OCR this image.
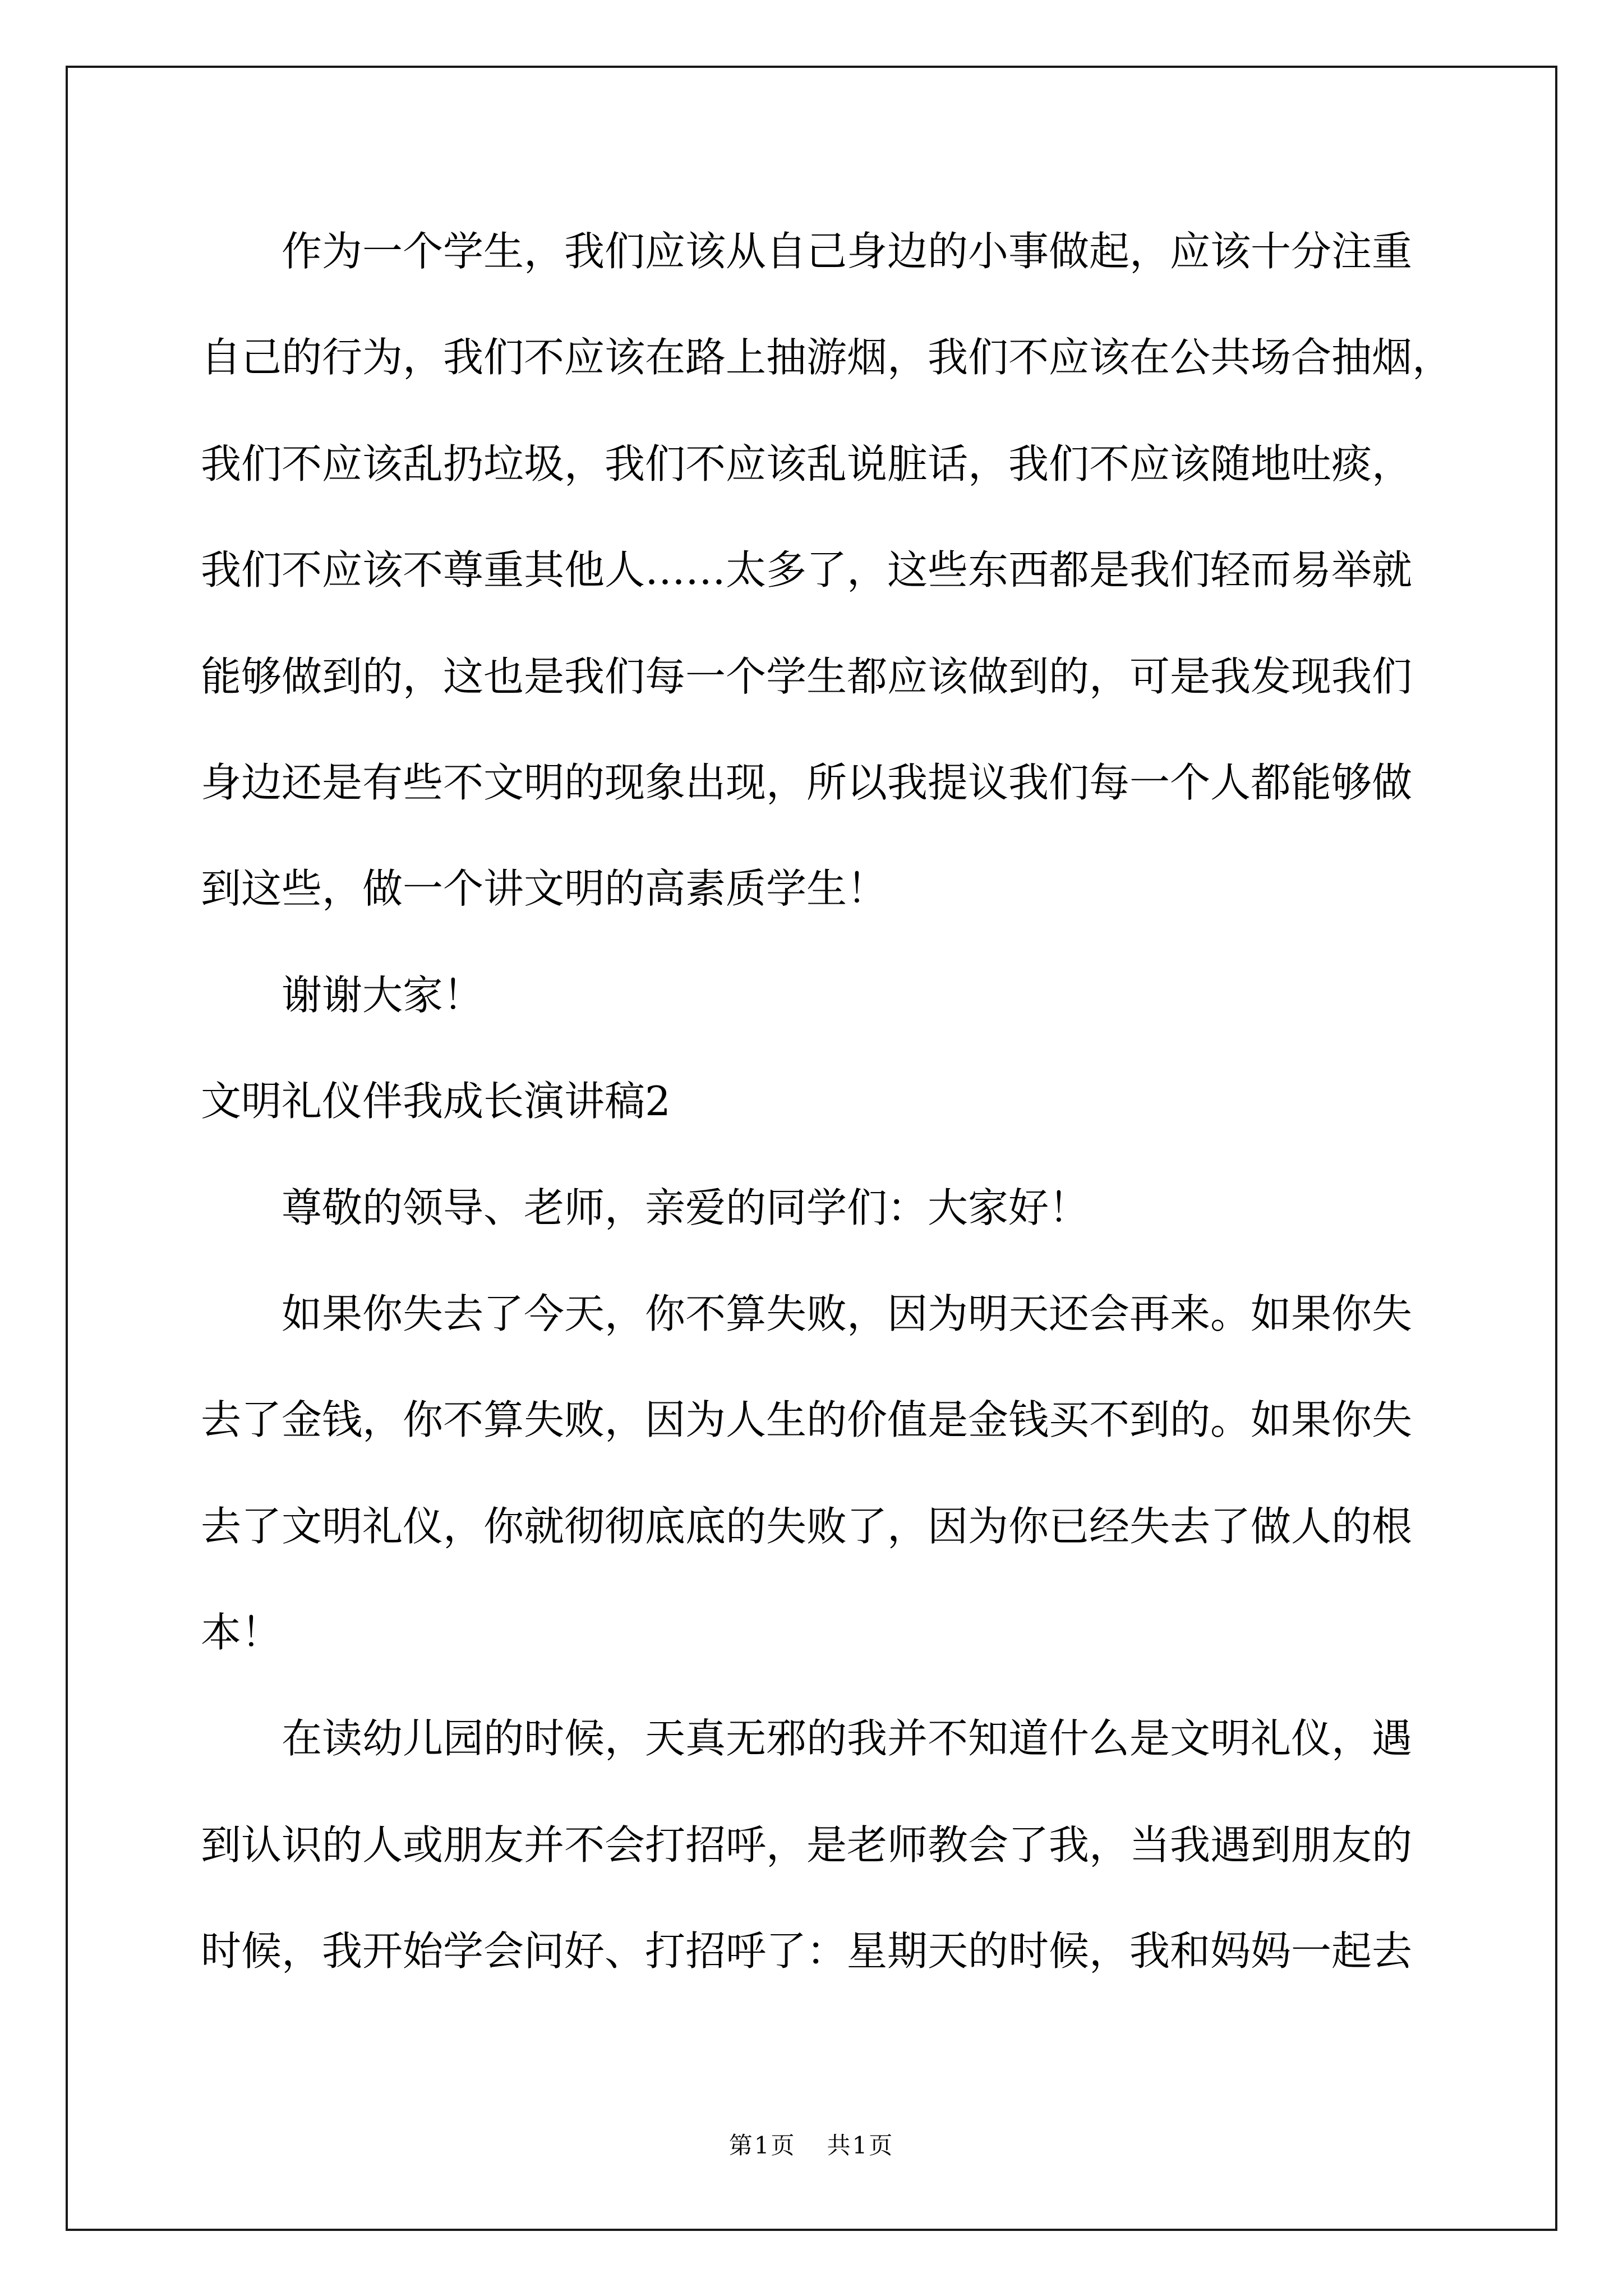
作为一个学生，我们应该从自己身边的小事做起，应该十分注重
自己的行为，我们不应该在路上抽游烟，我们不应该在公共场合抽烟，
我们不应该乱扔垃圾，我们不应该乱说脏话，我们不应该随地吐痰，
我们不应该不尊重其他人……太多了，这些东西都是我们轻而易举就
能够做到的，这也是我们每一个学生都应该做到的，可是我发现我们
身边还是有些不文明的现象出现，所以我提议我们每一个人都能够做
到这些，做一个讲文明的高素质学生！
谢谢大家！
文明礼仪伴我成长演讲稿2
尊敬的领导、老师，亲爱的同学们：大家好！
如果你失去了今天，你不算失败，因为明天还会再来。如果你失
去了金钱，你不算失败，因为人生的价值是金钱买不到的。如果你失
去了文明礼仪，你就彻彻底底的失败了，因为你已经失去了做人的根
本！
在读幼儿园的时候，天真无邪的我并不知道什么是文明礼仪，遇
到认识的人或朋友并不会打招呼，是老师教会了我，当我遇到朋友的
时候，我开始学会问好、打招呼了：星期天的时候，我和妈妈一起去
第1页 共1页
